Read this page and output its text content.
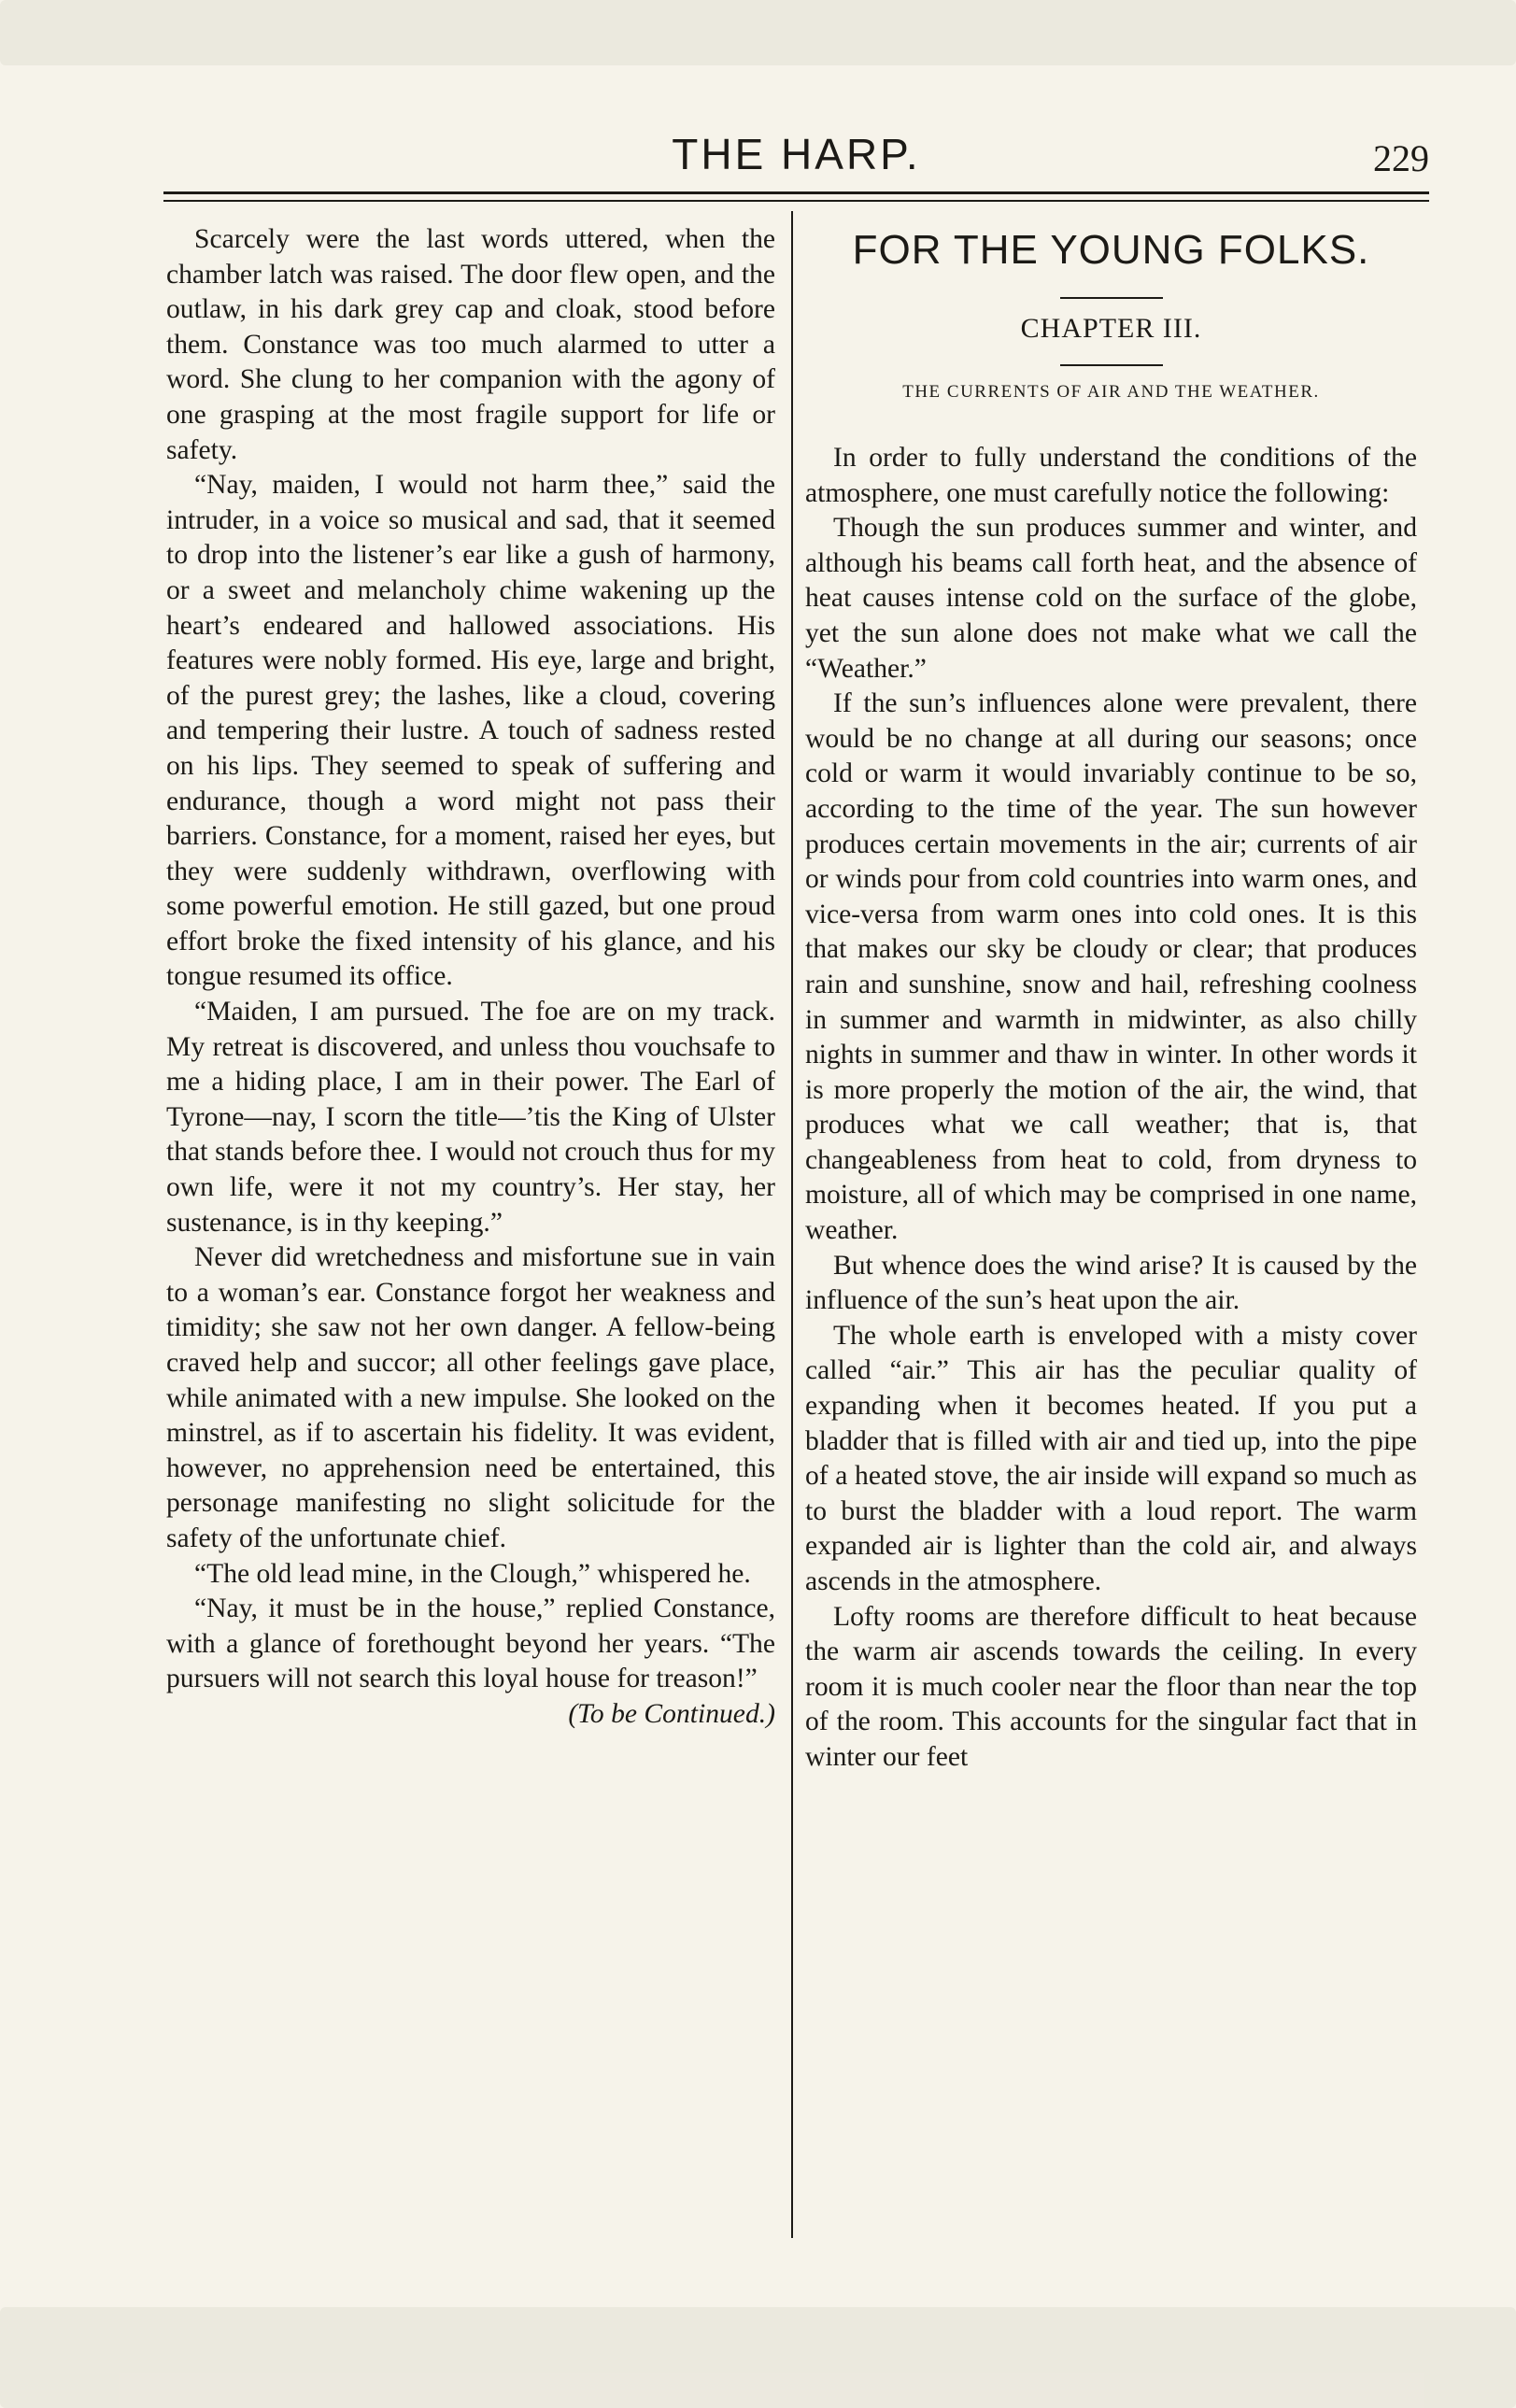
THE HARP.	229

Scarcely were the last words uttered, when the chamber latch was raised. The door flew open, and the outlaw, in his dark grey cap and cloak, stood before them. Constance was too much alarmed to utter a word. She clung to her companion with the agony of one grasping at the most fragile support for life or safety.

“Nay, maiden, I would not harm thee,” said the intruder, in a voice so musical and sad, that it seemed to drop into the listener’s ear like a gush of harmony, or a sweet and melancholy chime wakening up the heart’s endeared and hallowed associations. His features were nobly formed. His eye, large and bright, of the purest grey; the lashes, like a cloud, covering and tempering their lustre. A touch of sadness rested on his lips. They seemed to speak of suffering and endurance, though a word might not pass their barriers. Constance, for a moment, raised her eyes, but they were suddenly withdrawn, overflowing with some powerful emotion. He still gazed, but one proud effort broke the fixed intensity of his glance, and his tongue resumed its office.

“Maiden, I am pursued. The foe are on my track. My retreat is discovered, and unless thou vouchsafe to me a hiding place, I am in their power. The Earl of Tyrone—nay, I scorn the title—’tis the King of Ulster that stands before thee. I would not crouch thus for my own life, were it not my country’s. Her stay, her sustenance, is in thy keeping.”

Never did wretchedness and misfortune sue in vain to a woman’s ear. Constance forgot her weakness and timidity; she saw not her own danger. A fellow-being craved help and succor; all other feelings gave place, while animated with a new impulse. She looked on the minstrel, as if to ascertain his fidelity. It was evident, however, no apprehension need be entertained, this personage manifesting no slight solicitude for the safety of the unfortunate chief.

“The old lead mine, in the Clough,” whispered he.

“Nay, it must be in the house,” replied Constance, with a glance of forethought beyond her years. “The pursuers will not search this loyal house for treason!”

(To be Continued.)

FOR THE YOUNG FOLKS.
CHAPTER III.
THE CURRENTS OF AIR AND THE WEATHER.

In order to fully understand the conditions of the atmosphere, one must carefully notice the following:

Though the sun produces summer and winter, and although his beams call forth heat, and the absence of heat causes intense cold on the surface of the globe, yet the sun alone does not make what we call the “Weather.”

If the sun’s influences alone were prevalent, there would be no change at all during our seasons; once cold or warm it would invariably continue to be so, according to the time of the year. The sun however produces certain movements in the air; currents of air or winds pour from cold countries into warm ones, and vice-versa from warm ones into cold ones. It is this that makes our sky be cloudy or clear; that produces rain and sunshine, snow and hail, refreshing coolness in summer and warmth in midwinter, as also chilly nights in summer and thaw in winter. In other words it is more properly the motion of the air, the wind, that produces what we call weather; that is, that changeableness from heat to cold, from dryness to moisture, all of which may be comprised in one name, weather.

But whence does the wind arise? It is caused by the influence of the sun’s heat upon the air.

The whole earth is enveloped with a misty cover called “air.” This air has the peculiar quality of expanding when it becomes heated. If you put a bladder that is filled with air and tied up, into the pipe of a heated stove, the air inside will expand so much as to burst the bladder with a loud report. The warm expanded air is lighter than the cold air, and always ascends in the atmosphere.

Lofty rooms are therefore difficult to heat because the warm air ascends towards the ceiling. In every room it is much cooler near the floor than near the top of the room. This accounts for the singular fact that in winter our feet
